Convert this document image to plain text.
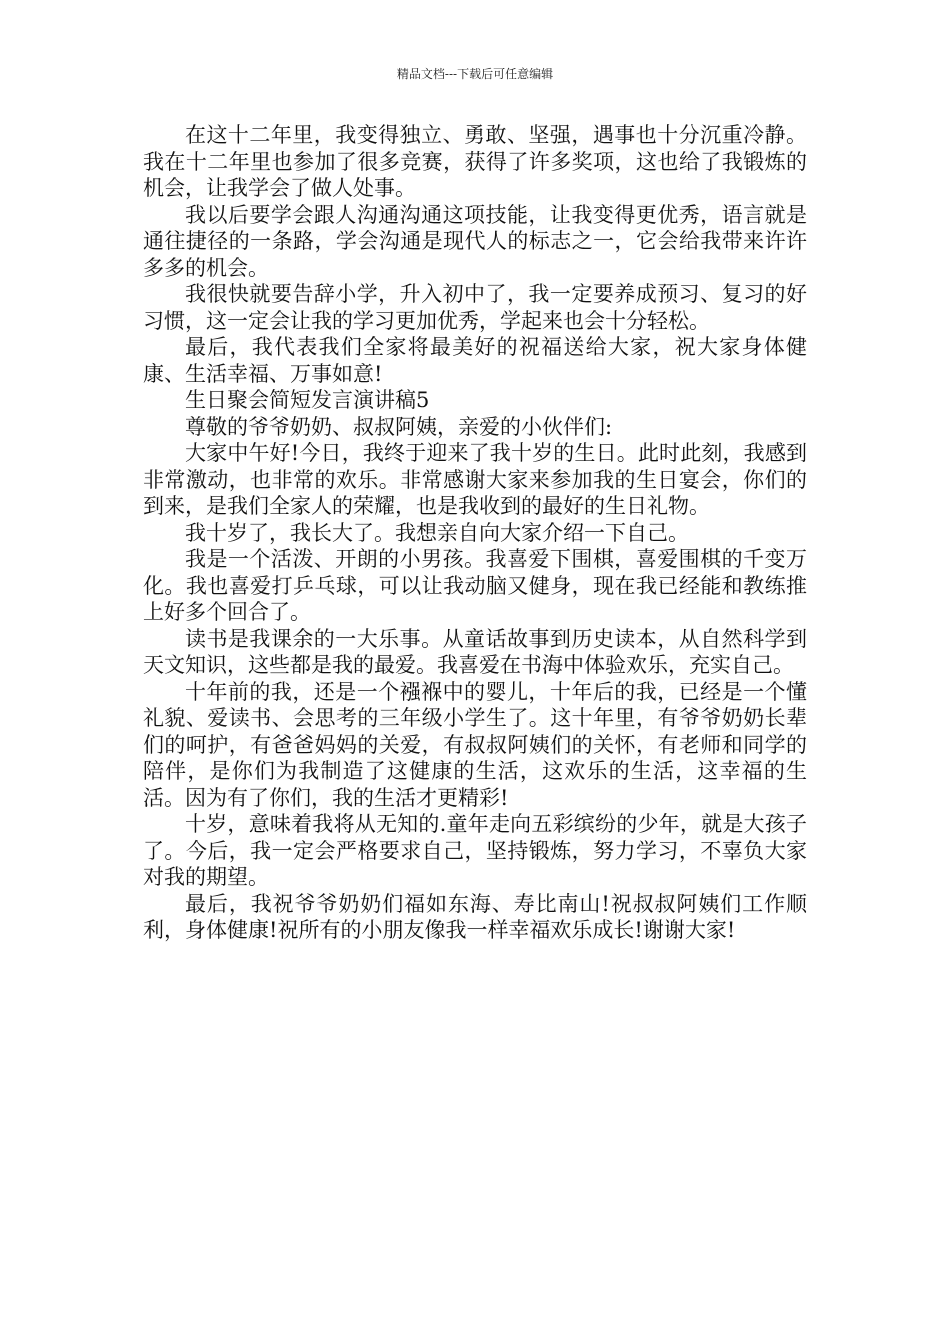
精品文档---下载后可任意编辑

在这十二年里，我变得独立、勇敢、坚强，遇事也十分沉重冷静。我在十二年里也参加了很多竞赛，获得了许多奖项，这也给了我锻炼的机会，让我学会了做人处事。

我以后要学会跟人沟通沟通这项技能，让我变得更优秀，语言就是通往捷径的一条路，学会沟通是现代人的标志之一，它会给我带来许许多多的机会。

我很快就要告辞小学，升入初中了，我一定要养成预习、复习的好习惯，这一定会让我的学习更加优秀，学起来也会十分轻松。

最后，我代表我们全家将最美好的祝福送给大家，祝大家身体健康、生活幸福、万事如意!

生日聚会简短发言演讲稿5

尊敬的爷爷奶奶、叔叔阿姨，亲爱的小伙伴们:

大家中午好!今日，我终于迎来了我十岁的生日。此时此刻，我感到非常激动，也非常的欢乐。非常感谢大家来参加我的生日宴会，你们的到来，是我们全家人的荣耀，也是我收到的最好的生日礼物。

我十岁了，我长大了。我想亲自向大家介绍一下自己。

我是一个活泼、开朗的小男孩。我喜爱下围棋，喜爱围棋的千变万化。我也喜爱打乒乓球，可以让我动脑又健身，现在我已经能和教练推上好多个回合了。

读书是我课余的一大乐事。从童话故事到历史读本，从自然科学到天文知识，这些都是我的最爱。我喜爱在书海中体验欢乐，充实自己。

十年前的我，还是一个襁褓中的婴儿，十年后的我，已经是一个懂礼貌、爱读书、会思考的三年级小学生了。这十年里，有爷爷奶奶长辈们的呵护，有爸爸妈妈的关爱，有叔叔阿姨们的关怀，有老师和同学的陪伴，是你们为我制造了这健康的生活，这欢乐的生活，这幸福的生活。因为有了你们，我的生活才更精彩!

十岁，意味着我将从无知的.童年走向五彩缤纷的少年，就是大孩子了。今后，我一定会严格要求自己，坚持锻炼，努力学习，不辜负大家对我的期望。

最后，我祝爷爷奶奶们福如东海、寿比南山!祝叔叔阿姨们工作顺利，身体健康!祝所有的小朋友像我一样幸福欢乐成长!谢谢大家!
